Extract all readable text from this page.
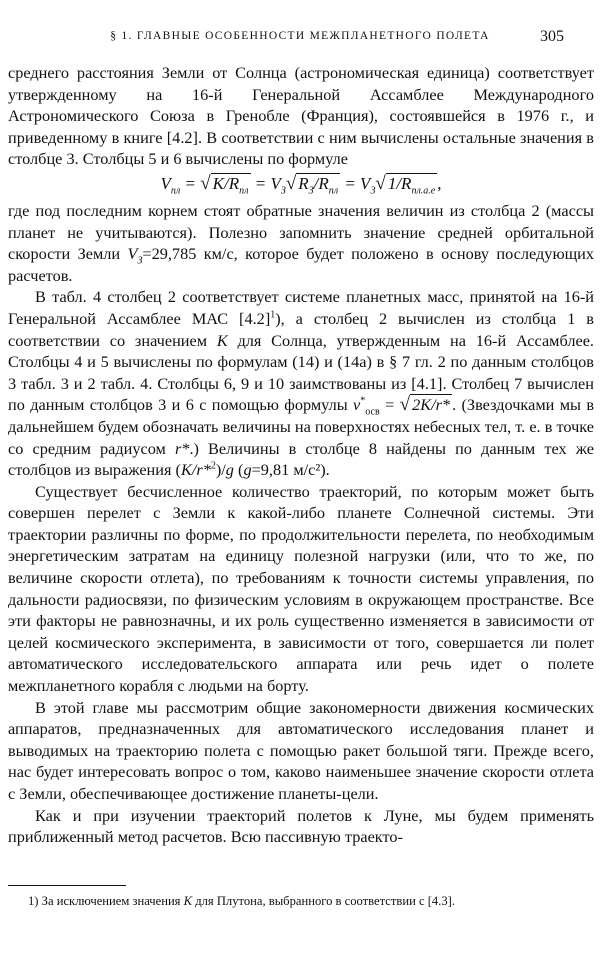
§ 1. ГЛАВНЫЕ ОСОБЕННОСТИ МЕЖПЛАНЕТНОГО ПОЛЕТА	305

среднего расстояния Земли от Солнца (астрономическая единица) соответствует утвержденному на 16-й Генеральной Ассамблее Международного Астрономического Союза в Гренобле (Франция), состоявшейся в 1976 г., и приведенному в книге [4.2]. В соответствии с ним вычислены остальные значения в столбце 3. Столбцы 5 и 6 вычислены по формуле

$V_{пл}$ = √ $K/R_{пл} = V_З√$ $R_З/R_{пл} = V_З√$ $1/R_{пл.а.е}$ ,

где под последним корнем стоят обратные значения величин из столбца 2 (массы планет не учитываются). Полезно запомнить значение средней орбитальной скорости Земли $V_З=29,785$ км/с, которое будет положено в основу последующих расчетов.

В табл. 4 столбец 2 соответствует системе планетных масс, принятой на 16-й Генеральной Ассамблее МАС $[4.2]^1$), а столбец 2 вычислен из столбца 1 в соответствии со значением K для Солнца, утвержденным на 16-й Ассамблее. Столбцы 4 и 5 вычислены по формулам (14) и (14а) в § 7 гл. 2 по данным столбцов 3 табл. 3 и 2 табл. 4. Столбцы 6, 9 и 10 заимствованы из [4.1]. Столбец 7 вычислен по данным столбцов 3 и 6 с помощью формулы $v^*_{осв}$ = √ 2K/r* . (Звездочками мы в дальнейшем будем обозначать величины на поверхностях небесных тел, т. е. в точке со средним радиусом r*.) Величины в столбце 8 найдены по данным тех же столбцов из выражения (K/r*$^2$)/g (g=9,81 м/с²).

Существует бесчисленное количество траекторий, по которым может быть совершен перелет с Земли к какой-либо планете Солнечной системы. Эти траектории различны по форме, по продолжительности перелета, по необходимым энергетическим затратам на единицу полезной нагрузки (или, что то же, по величине скорости отлета), по требованиям к точности системы управления, по дальности радиосвязи, по физическим условиям в окружающем пространстве. Все эти факторы не равнозначны, и их роль существенно изменяется в зависимости от целей космического эксперимента, в зависимости от того, совершается ли полет автоматического исследовательского аппарата или речь идет о полете межпланетного корабля с людьми на борту.

В этой главе мы рассмотрим общие закономерности движения космических аппаратов, предназначенных для автоматического исследования планет и выводимых на траекторию полета с помощью ракет большой тяги. Прежде всего, нас будет интересовать вопрос о том, каково наименьшее значение скорости отлета с Земли, обеспечивающее достижение планеты-цели.

Как и при изучении траекторий полетов к Луне, мы будем применять приближенный метод расчетов. Всю пассивную траекто-

1) За исключением значения K для Плутона, выбранного в соответствии с [4.3].
